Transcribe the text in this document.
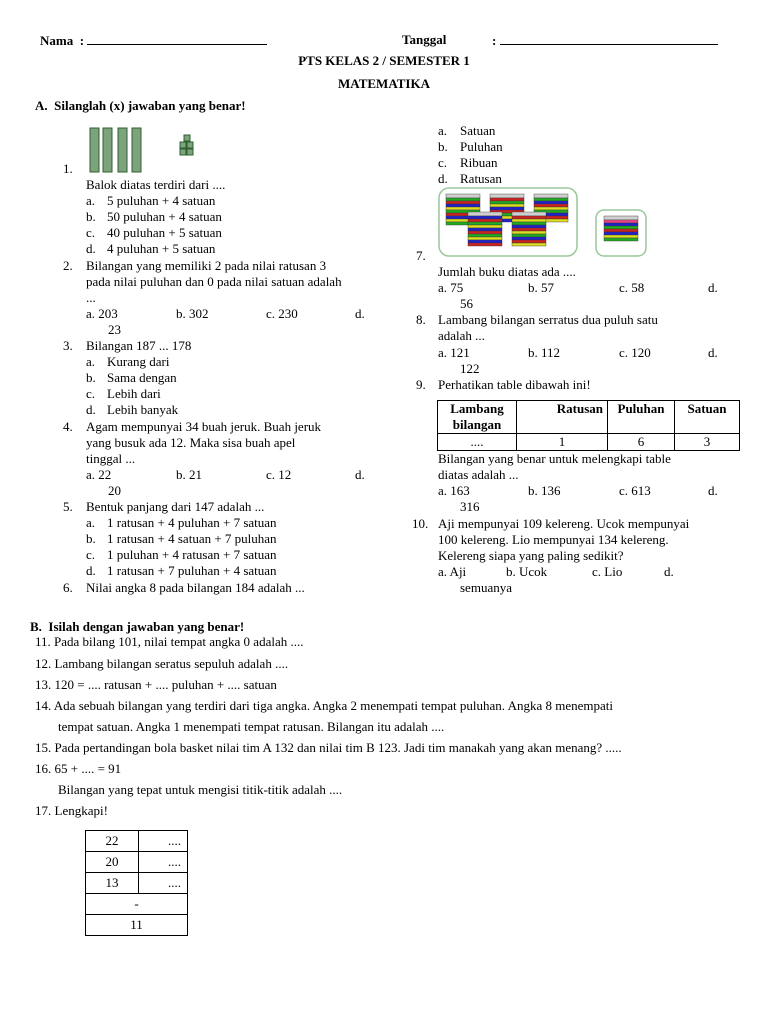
Nama :	Tanggal	:
PTS KELAS 2 / SEMESTER 1
MATEMATIKA
A. Silanglah (x) jawaban yang benar!
1.
Balok diatas terdiri dari ....
a. 5 puluhan + 4 satuan
b. 50 puluhan + 4 satuan
c. 40 puluhan + 5 satuan
d. 4 puluhan + 5 satuan
2. Bilangan yang memiliki 2 pada nilai ratusan 3
pada nilai puluhan dan 0 pada nilai satuan adalah
...
a. 203	b. 302	c. 230	d.
23
3. Bilangan 187 ... 178
a. Kurang dari
b. Sama dengan
c. Lebih dari
d. Lebih banyak
4. Agam mempunyai 34 buah jeruk. Buah jeruk
yang busuk ada 12. Maka sisa buah apel
tinggal ...
a. 22	b. 21	c. 12	d.
20
5. Bentuk panjang dari 147 adalah ...
a. 1 ratusan + 4 puluhan + 7 satuan
b. 1 ratusan + 4 satuan + 7 puluhan
c. 1 puluhan + 4 ratusan + 7 satuan
d. 1 ratusan + 7 puluhan + 4 satuan
6. Nilai angka 8 pada bilangan 184 adalah ...
a. Satuan
b. Puluhan
c. Ribuan
d. Ratusan
7.
Jumlah buku diatas ada ....
a. 75	b. 57	c. 58	d.
56
8. Lambang bilangan serratus dua puluh satu
adalah ...
a. 121	b. 112	c. 120	d.
122
9. Perhatikan table dibawah ini!
Lambang bilangan	Ratusan	Puluhan	Satuan
....	1	6	3
Bilangan yang benar untuk melengkapi table
diatas adalah ...
a. 163	b. 136	c. 613	d.
316
10. Aji mempunyai 109 kelereng. Ucok mempunyai
100 kelereng. Lio mempunyai 134 kelereng.
Kelereng siapa yang paling sedikit?
a. Aji	b. Ucok	c. Lio	d.
semuanya
B. Isilah dengan jawaban yang benar!
11. Pada bilang 101, nilai tempat angka 0 adalah ....
12. Lambang bilangan seratus sepuluh adalah ....
13. 120 = .... ratusan + .... puluhan + .... satuan
14. Ada sebuah bilangan yang terdiri dari tiga angka. Angka 2 menempati tempat puluhan. Angka 8 menempati
tempat satuan. Angka 1 menempati tempat ratusan. Bilangan itu adalah ....
15. Pada pertandingan bola basket nilai tim A 132 dan nilai tim B 123. Jadi tim manakah yang akan menang? .....
16. 65 + .... = 91
Bilangan yang tepat untuk mengisi titik-titik adalah ....
17. Lengkapi!
22	....
20	....
13	....
-	
11	
